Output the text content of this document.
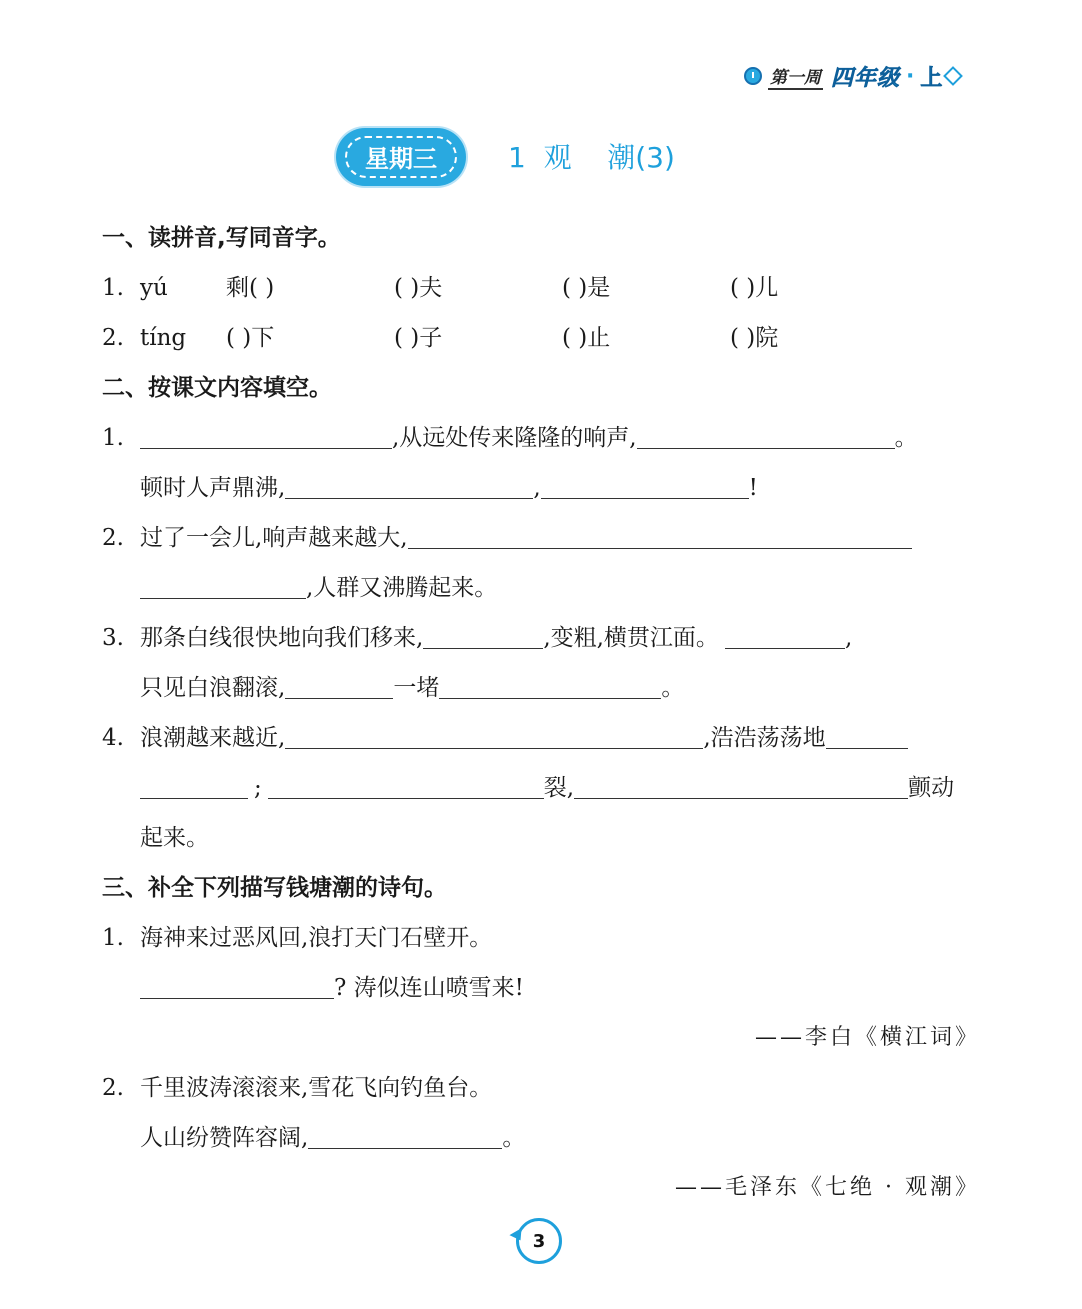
第一周 四年级 · 上
星期三	1  观    潮(3)
一、读拼音,写同音字。
1. yú	剩( )	( )夫	( )是	( )儿
2. tíng ( )下	( )子	( )止	( )院
二、按课文内容填空。
1.	,从远处传来隆隆的响声,	。
顿时人声鼎沸,	,	!
2. 过了一会儿,响声越来越大,
,人群又沸腾起来。
3. 那条白线很快地向我们移来,	,变粗,横贯江面。	,
只见白浪翻滚,	一堵	。
4. 浪潮越来越近,	,浩浩荡荡地
;	裂,	颤动
起来。
三、补全下列描写钱塘潮的诗句。
1. 海神来过恶风回,浪打天门石壁开。
? 涛似连山喷雪来!
——李白《横江词》
2. 千里波涛滚滚来,雪花飞向钓鱼台。
人山纷赞阵容阔,	。
——毛泽东《七绝 · 观潮》
3
